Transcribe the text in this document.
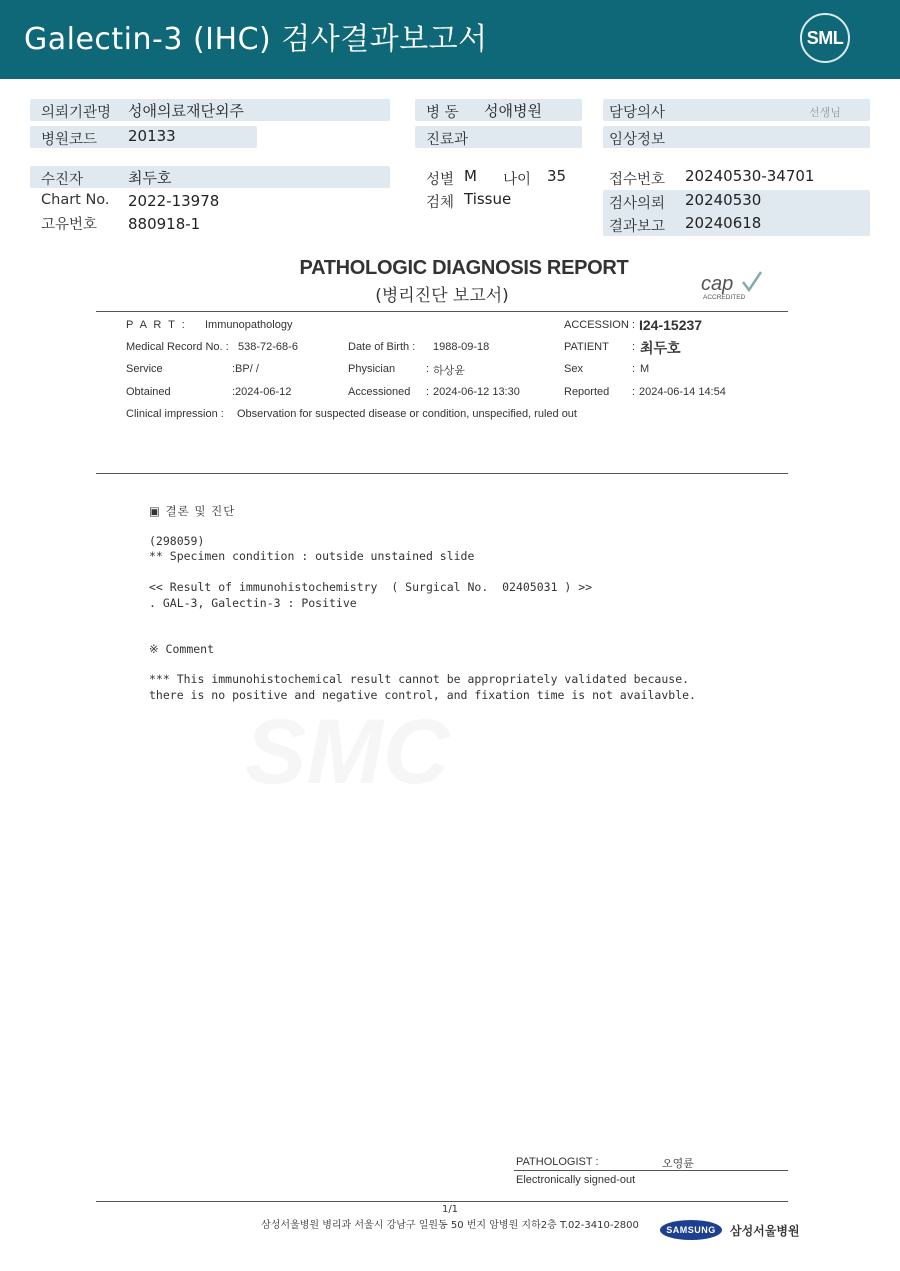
Galectin-3 (IHC) 검사결과보고서	SML
의뢰기관명 성애의료재단외주
병원코드 20133
병 동 성애병원
진료과
담당의사	선생님
임상정보
수진자	최두호
Chart No. 2022-13978
고유번호 880918-1
성별 M 나이 35
검체 Tissue
접수번호 20240530-34701
검사의뢰 20240530
결과보고 20240618
PATHOLOGIC DIAGNOSIS REPORT
(병리진단 보고서)
cap
ACCREDITED
P A R T : Immunopathology	ACCESSION : I24-15237
Medical Record No. : 538-72-68-6	Date of Birth : 1988-09-18	PATIENT : 최두호
Service	:BP/ /	Physician	: 하상윤	Sex	: M
Obtained	:2024-06-12	Accessioned : 2024-06-12 13:30	Reported : 2024-06-14 14:54
Clinical impression : Observation for suspected disease or condition, unspecified, ruled out
▣ 결론 및 진단
(298059)
** Specimen condition : outside unstained slide
<< Result of immunohistochemistry  ( Surgical No.  02405031 ) >>
. GAL-3, Galectin-3 : Positive
※ Comment
*** This immunohistochemical result cannot be appropriately validated because.
there is no positive and negative control, and fixation time is not availavble.
SMC
PATHOLOGIST :	오영륜
Electronically signed-out
1/1
삼성서울병원 병리과 서울시 강남구 일원동 50 번지 암병원 지하2층 T.02-3410-2800	SAMSUNG	삼성서울병원
